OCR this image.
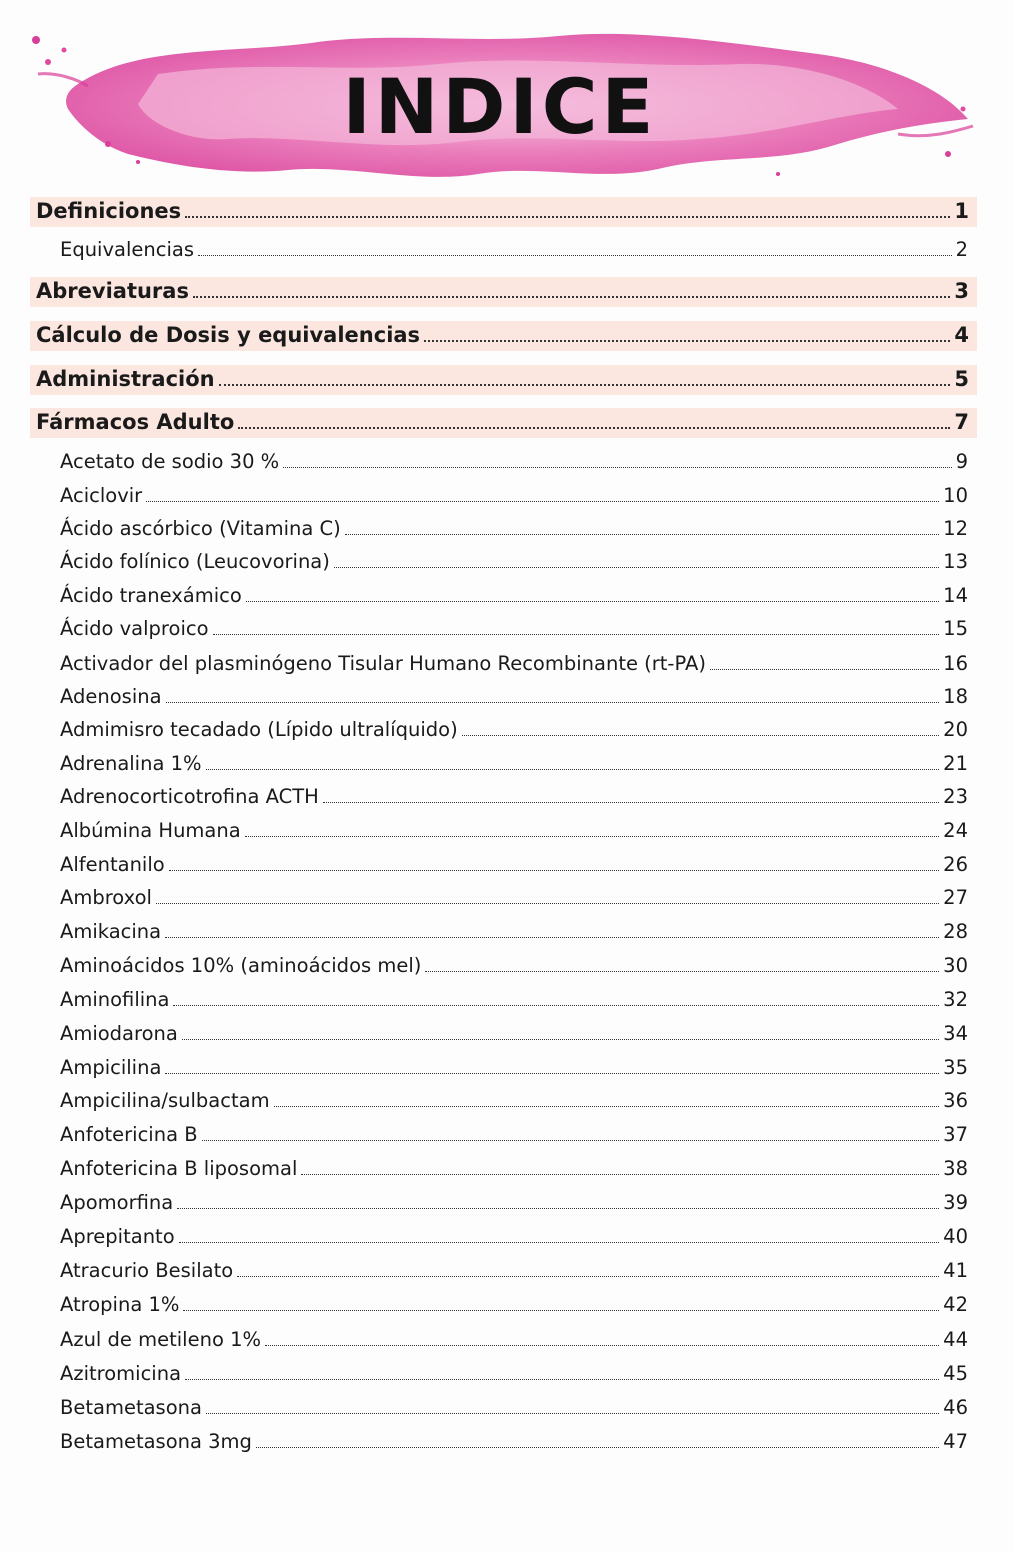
INDICE
Definiciones	1
Equivalencias	2
Abreviaturas	3
Cálculo de Dosis y equivalencias	4
Administración	5
Fármacos Adulto	7
Acetato de sodio 30 %	9
Aciclovir	10
Ácido ascórbico (Vitamina C)	12
Ácido folínico (Leucovorina)	13
Ácido tranexámico	14
Ácido valproico	15
Activador del plasminógeno Tisular Humano Recombinante (rt-PA)	16
Adenosina	18
Admimisro tecadado (Lípido ultralíquido)	20
Adrenalina 1%	21
Adrenocorticotrofina ACTH	23
Albúmina Humana	24
Alfentanilo	26
Ambroxol	27
Amikacina	28
Aminoácidos 10% (aminoácidos mel)	30
Aminofilina	32
Amiodarona	34
Ampicilina	35
Ampicilina/sulbactam	36
Anfotericina B	37
Anfotericina B liposomal	38
Apomorfina	39
Aprepitanto	40
Atracurio Besilato	41
Atropina 1%	42
Azul de metileno 1%	44
Azitromicina	45
Betametasona	46
Betametasona 3mg	47
